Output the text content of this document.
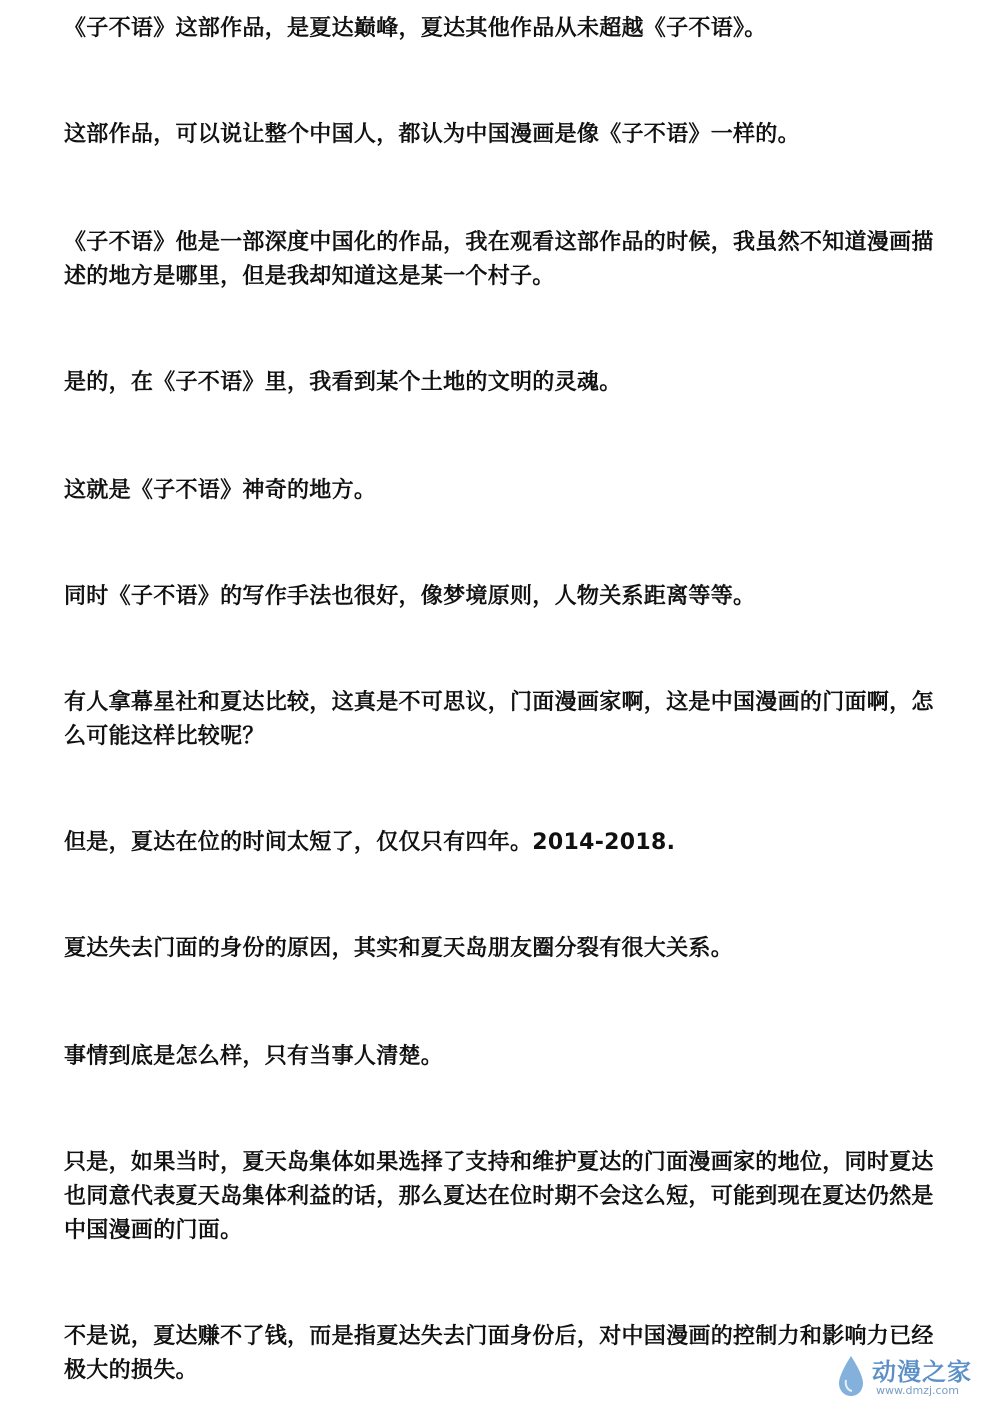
《子不语》这部作品，是夏达巅峰，夏达其他作品从未超越《子不语》。

这部作品，可以说让整个中国人，都认为中国漫画是像《子不语》一样的。

《子不语》他是一部深度中国化的作品，我在观看这部作品的时候，我虽然不知道漫画描述的地方是哪里，但是我却知道这是某一个村子。

是的，在《子不语》里，我看到某个土地的文明的灵魂。

这就是《子不语》神奇的地方。

同时《子不语》的写作手法也很好，像梦境原则，人物关系距离等等。

有人拿幕星社和夏达比较，这真是不可思议，门面漫画家啊，这是中国漫画的门面啊，怎么可能这样比较呢？

但是，夏达在位的时间太短了，仅仅只有四年。2014-2018.

夏达失去门面的身份的原因，其实和夏天岛朋友圈分裂有很大关系。

事情到底是怎么样，只有当事人清楚。

只是，如果当时，夏天岛集体如果选择了支持和维护夏达的门面漫画家的地位，同时夏达也同意代表夏天岛集体利益的话，那么夏达在位时期不会这么短，可能到现在夏达仍然是中国漫画的门面。

不是说，夏达赚不了钱，而是指夏达失去门面身份后，对中国漫画的控制力和影响力已经极大的损失。	动漫之家
www.dmzj.com
